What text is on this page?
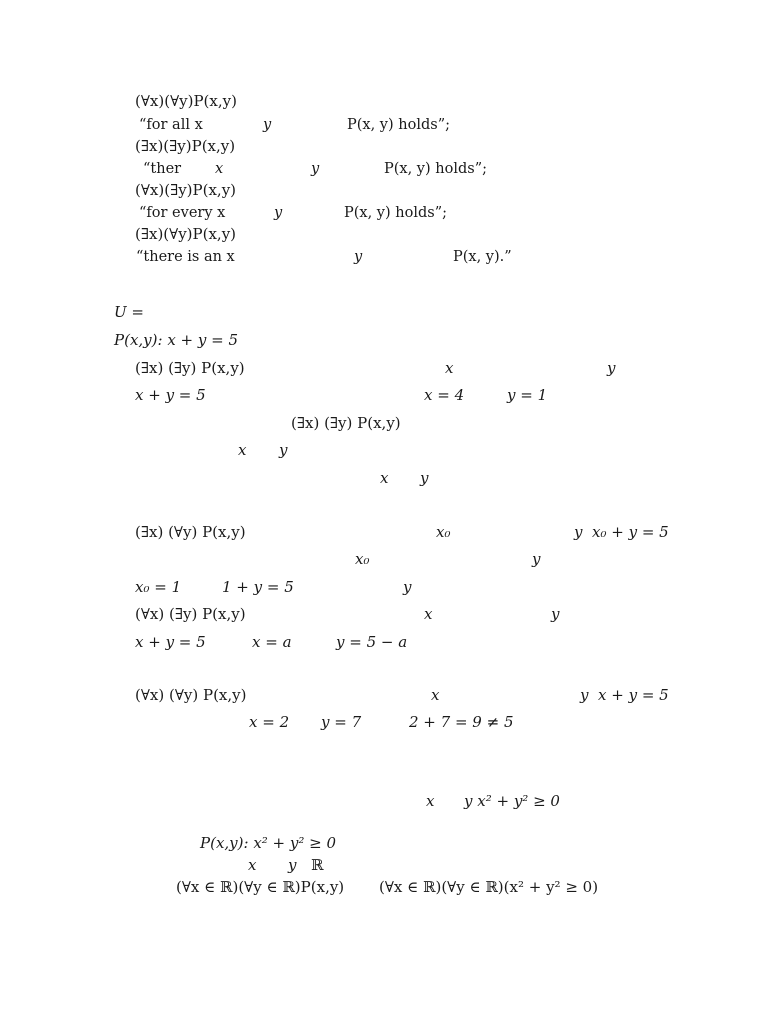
(∀x)(∀y)P(x,y)
“for all x	y	P(x, y) holds”;
(∃x)(∃y)P(x,y)
“ther x	y	P(x, y) holds”;
(∀x)(∃y)P(x,y)
“for every x	y	P(x, y) holds”;
(∃x)(∀y)P(x,y)
“there is an x	y	P(x, y).”
U =
P(x,y): x + y = 5
(∃x) (∃y) P(x,y)	x	y
x + y = 5	x = 4	y = 1
(∃x) (∃y) P(x,y)
x y
x y
(∃x) (∀y) P(x,y)	x₀	y  x₀ + y = 5
x₀	y
x₀ = 1	1 + y = 5	y
(∀x) (∃y) P(x,y)	x	y
x + y = 5	x = a	y = 5 − a
(∀x) (∀y) P(x,y)	x	y  x + y = 5
x = 2 y = 7	2 + 7 = 9 ≠ 5
x y x² + y² ≥ 0
P(x,y): x² + y² ≥ 0
x y ℝ
(∀x ∈ ℝ)(∀y ∈ ℝ)P(x,y) (∀x ∈ ℝ)(∀y ∈ ℝ)(x² + y² ≥ 0)
